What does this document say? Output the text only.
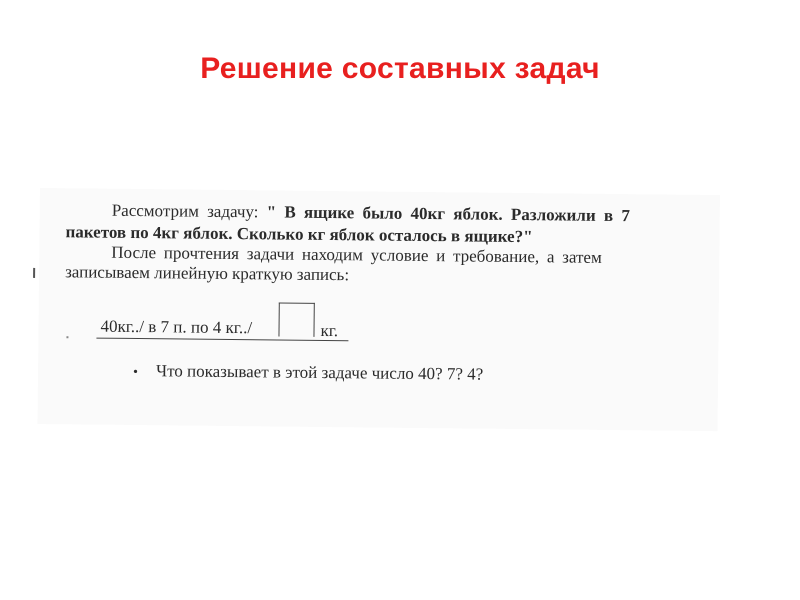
Решение составных задач
Рассмотрим задачу: " В ящике было 40кг яблок. Разложили в 7
пакетов по 4кг яблок. Сколько кг яблок осталось в ящике?"
После прочтения задачи находим условие и требование, а затем
записываем линейную краткую запись:
40кг../ в 7 п. по 4 кг../	кг.
• Что показывает в этой задаче число 40? 7? 4?
